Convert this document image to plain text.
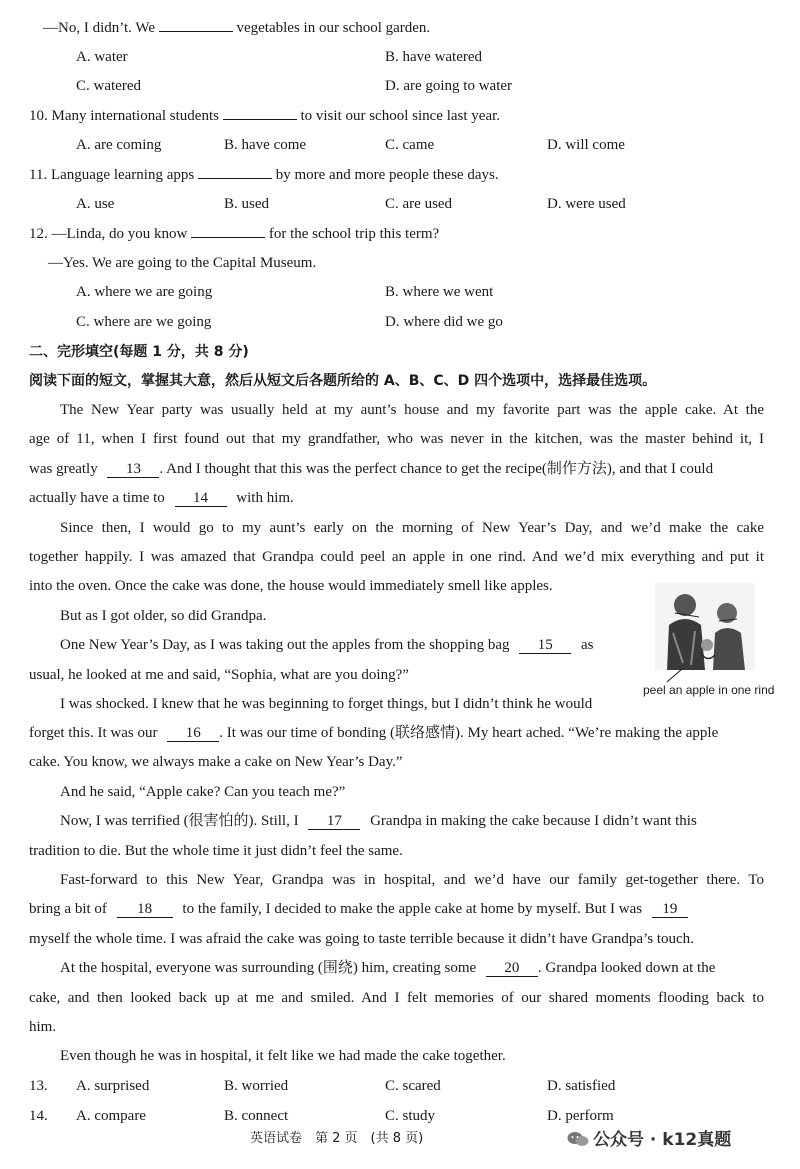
—No, I didn’t. We	vegetables in our school garden.
A. water	B. have watered
C. watered	D. are going to water
10. Many international students	to visit our school since last year.
A. are coming	B. have come	C. came	D. will come
11. Language learning apps	by more and more people these days.
A. use	B. used	C. are used	D. were used
12. —Linda, do you know	for the school trip this term?
—Yes. We are going to the Capital Museum.
A. where we are going	B. where we went
C. where are we going	D. where did we go
二、完形填空(每题 1 分，共 8 分)
阅读下面的短文，掌握其大意，然后从短文后各题所给的 A、B、C、D 四个选项中，选择最佳选项。
The New Year party was usually held at my aunt’s house and my favorite part was the apple cake. At the
age of 11, when I first found out that my grandfather, who was never in the kitchen, was the master behind it, I
was greatly 13 . And I thought that this was the perfect chance to get the recipe(制作方法), and that I could
actually have a time to 14 with him.
Since then, I would go to my aunt’s early on the morning of New Year’s Day, and we’d make the cake
together happily. I was amazed that Grandpa could peel an apple in one rind. And we’d mix everything and put it
into the oven. Once the cake was done, the house would immediately smell like apples.
But as I got older, so did Grandpa.
One New Year’s Day, as I was taking out the apples from the shopping bag 15 as
usual, he looked at me and said, “Sophia, what are you doing?”
peel an apple in one rind
I was shocked. I knew that he was beginning to forget things, but I didn’t think he would
forget this. It was our 16 . It was our time of bonding (联络感情). My heart ached. “We’re making the apple
cake. You know, we always make a cake on New Year’s Day.”
And he said, “Apple cake? Can you teach me?”
Now, I was terrified (很害怕的). Still, I 17 Grandpa in making the cake because I didn’t want this
tradition to die. But the whole time it just didn’t feel the same.
Fast-forward to this New Year, Grandpa was in hospital, and we’d have our family get-together there. To
bring a bit of 18 to the family, I decided to make the apple cake at home by myself. But I was 19
myself the whole time. I was afraid the cake was going to taste terrible because it didn’t have Grandpa’s touch.
At the hospital, everyone was surrounding (围绕) him, creating some 20 . Grandpa looked down at the
cake, and then looked back up at me and smiled. And I felt memories of our shared moments flooding back to
him.
Even though he was in hospital, it felt like we had made the cake together.
13. A. surprised	B. worried	C. scared	D. satisfied
14. A. compare	B. connect	C. study	D. perform
英语试卷　第 2 页　(共 8 页)	公众号 · k12真题
